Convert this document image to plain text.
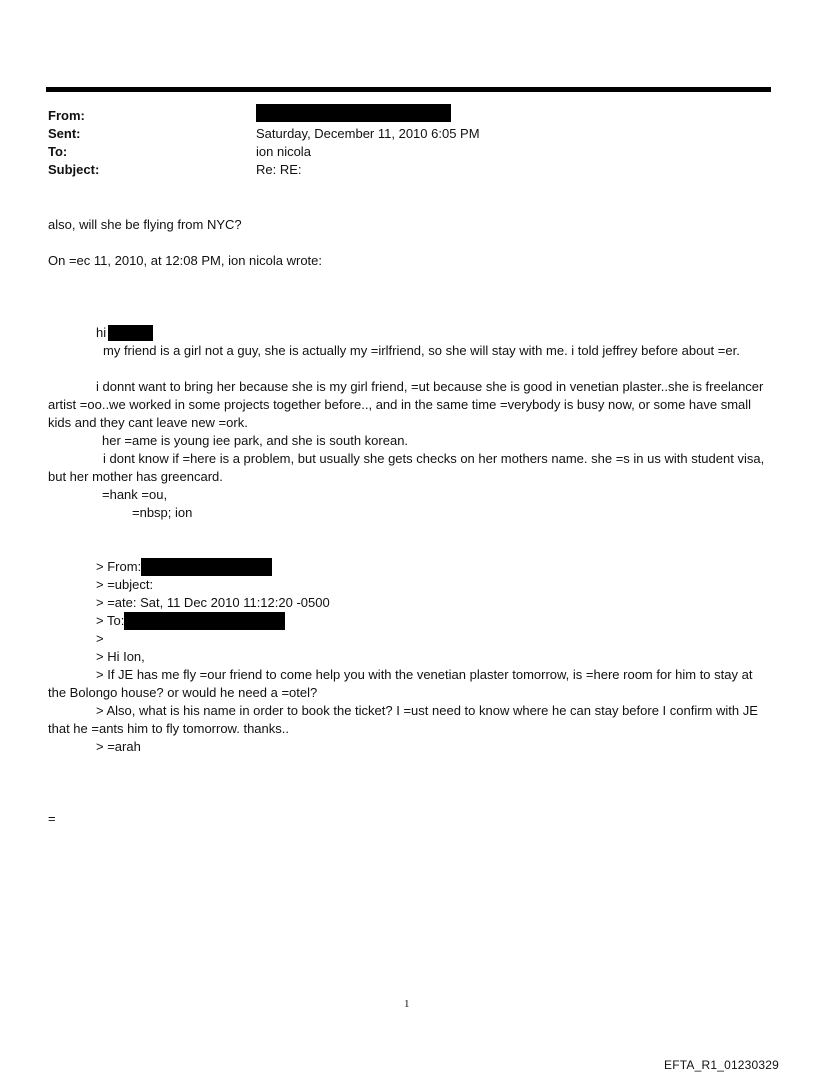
From:
Sent:	Saturday, December 11, 2010 6:05 PM
To:	ion nicola
Subject:	Re: RE:

also, will she be flying from NYC?

On =ec 11, 2010, at 12:08 PM, ion nicola wrote:

hi

my friend is a girl not a guy, she is actually my =irlfriend, so she will stay with me. i told jeffrey before about =er.

i donnt want to bring her because she is my girl friend, =ut because she is good in venetian plaster..she is freelancer artist =oo..we worked in some projects together before.., and in the same time =verybody is busy now, or some have small kids and they cant leave new =ork.

her =ame is young iee park, and she is south korean.

i dont know if =here is a problem, but usually she gets checks on her mothers name. she =s in us with student visa, but her mother has greencard.

=hank =ou,

=nbsp; ion

> From:

> =ubject:

> =ate: Sat, 11 Dec 2010 11:12:20 -0500

> To:

>

> Hi Ion,

> If JE has me fly =our friend to come help you with the venetian plaster tomorrow, is =here room for him to stay at the Bolongo house? or would he need a =otel?

> Also, what is his name in order to book the ticket? I =ust need to know where he can stay before I confirm with JE that he =ants him to fly tomorrow. thanks..

> =arah

=

1
EFTA_R1_01230329
